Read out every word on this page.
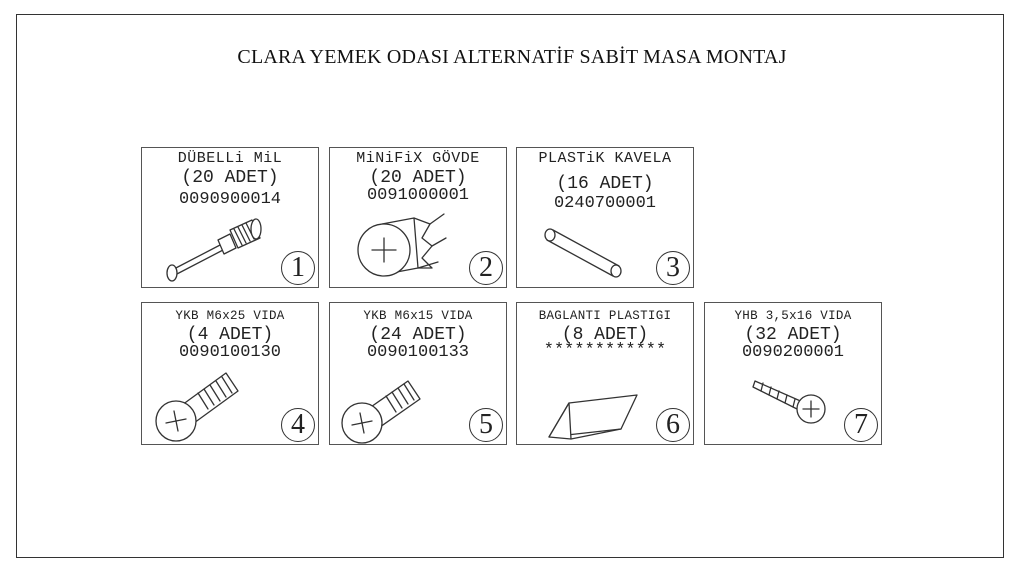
CLARA YEMEK ODASI ALTERNATİF SABİT MASA MONTAJ
DÜBELLi MiL
(20 ADET)
0090900014
1
MiNiFiX GÖVDE
(20 ADET)
0091000001
2
PLASTiK KAVELA
(16 ADET)
0240700001
3
YKB M6x25 VIDA
(4 ADET)
0090100130
4
YKB M6x15 VIDA
(24 ADET)
0090100133
5
BAGLANTI PLASTIGI
(8 ADET)
************
6
YHB 3,5x16 VIDA
(32 ADET)
0090200001
7
